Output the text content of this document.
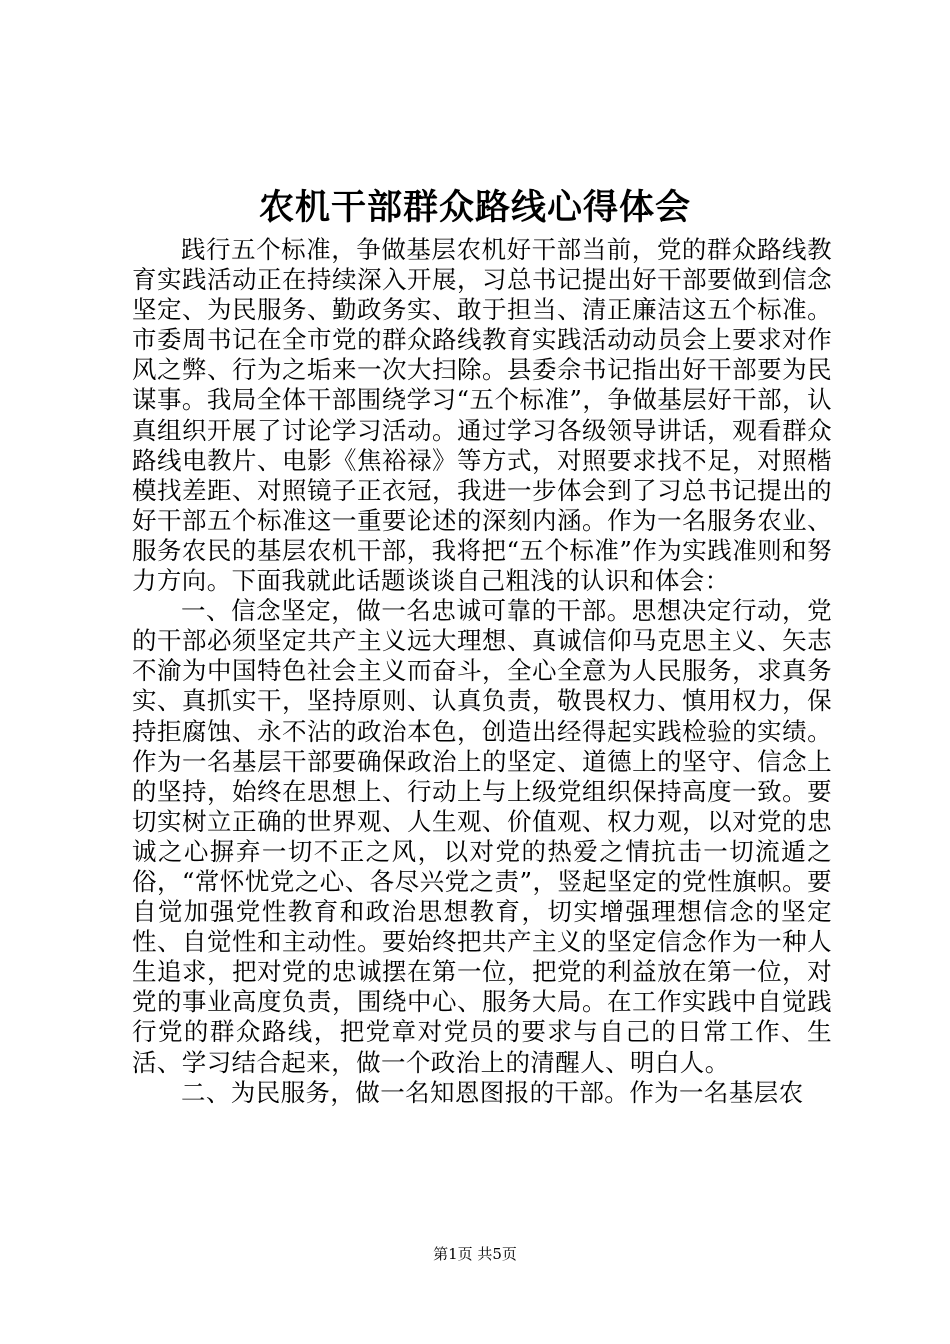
农机干部群众路线心得体会

践行五个标准，争做基层农机好干部当前，党的群众路线教育实践活动正在持续深入开展，习总书记提出好干部要做到信念坚定、为民服务、勤政务实、敢于担当、清正廉洁这五个标准。市委周书记在全市党的群众路线教育实践活动动员会上要求对作风之弊、行为之垢来一次大扫除。县委佘书记指出好干部要为民谋事。我局全体干部围绕学习“五个标准”，争做基层好干部，认真组织开展了讨论学习活动。通过学习各级领导讲话，观看群众路线电教片、电影《焦裕禄》等方式，对照要求找不足，对照楷模找差距、对照镜子正衣冠，我进一步体会到了习总书记提出的好干部五个标准这一重要论述的深刻内涵。作为一名服务农业、服务农民的基层农机干部，我将把“五个标准”作为实践准则和努力方向。下面我就此话题谈谈自己粗浅的认识和体会：

一、信念坚定，做一名忠诚可靠的干部。思想决定行动，党的干部必须坚定共产主义远大理想、真诚信仰马克思主义、矢志不渝为中国特色社会主义而奋斗，全心全意为人民服务，求真务实、真抓实干，坚持原则、认真负责，敬畏权力、慎用权力，保持拒腐蚀、永不沾的政治本色，创造出经得起实践检验的实绩。作为一名基层干部要确保政治上的坚定、道德上的坚守、信念上的坚持，始终在思想上、行动上与上级党组织保持高度一致。要切实树立正确的世界观、人生观、价值观、权力观，以对党的忠诚之心摒弃一切不正之风，以对党的热爱之情抗击一切流遁之俗，“常怀忧党之心、各尽兴党之责”，竖起坚定的党性旗帜。要自觉加强党性教育和政治思想教育，切实增强理想信念的坚定性、自觉性和主动性。要始终把共产主义的坚定信念作为一种人生追求，把对党的忠诚摆在第一位，把党的利益放在第一位，对党的事业高度负责，围绕中心、服务大局。在工作实践中自觉践行党的群众路线，把党章对党员的要求与自己的日常工作、生活、学习结合起来，做一个政治上的清醒人、明白人。

二、为民服务，做一名知恩图报的干部。作为一名基层农

第1页 共5页
